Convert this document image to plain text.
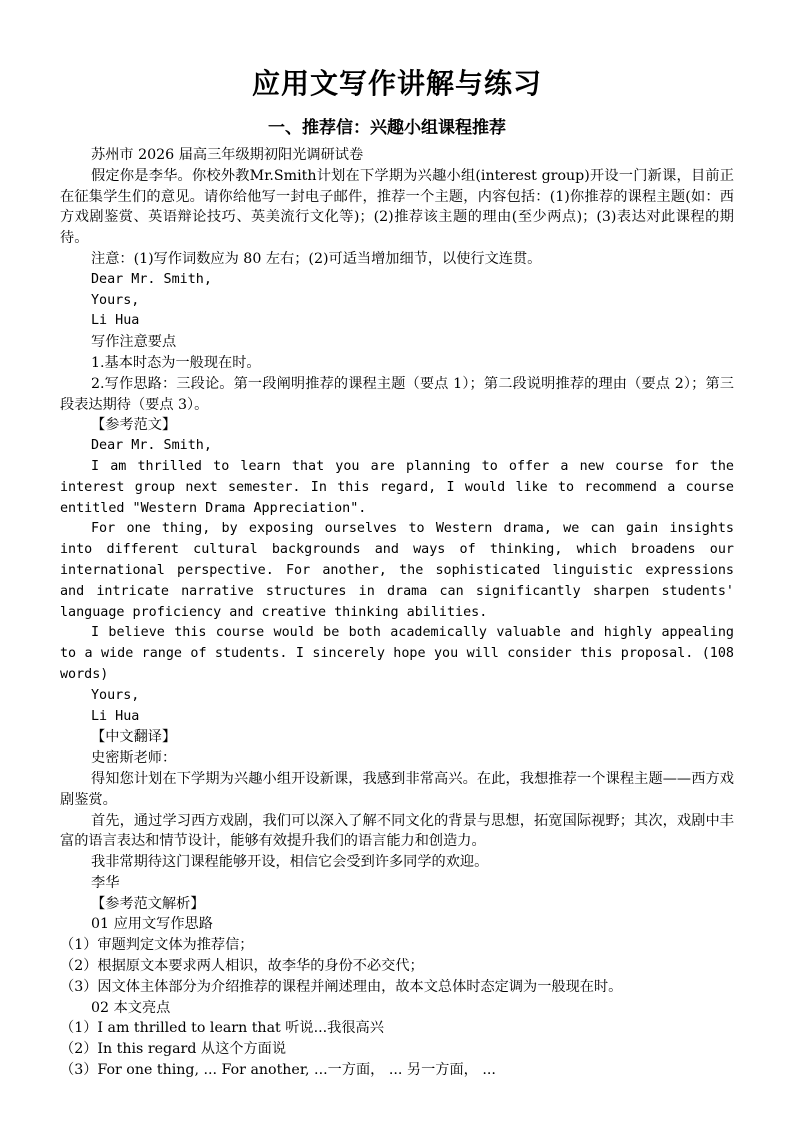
应用文写作讲解与练习
一、推荐信：兴趣小组课程推荐

苏州市 2026 届高三年级期初阳光调研试卷

假定你是李华。你校外教Mr.Smith计划在下学期为兴趣小组(interest group)开设一门新课，目前正在征集学生们的意见。请你给他写一封电子邮件，推荐一个主题，内容包括：(1)你推荐的课程主题(如：西方戏剧鉴赏、英语辩论技巧、英美流行文化等)；(2)推荐该主题的理由(至少两点)；(3)表达对此课程的期待。

注意：(1)写作词数应为 80 左右；(2)可适当增加细节，以使行文连贯。

Dear Mr. Smith,

Yours,

Li Hua

写作注意要点

1.基本时态为一般现在时。

2.写作思路：三段论。第一段阐明推荐的课程主题（要点 1）；第二段说明推荐的理由（要点 2）；第三段表达期待（要点 3）。

【参考范文】

Dear Mr. Smith,

I am thrilled to learn that you are planning to offer a new course for the interest group next semester. In this regard, I would like to recommend a course entitled "Western Drama Appreciation".

For one thing, by exposing ourselves to Western drama, we can gain insights into different cultural backgrounds and ways of thinking, which broadens our international perspective. For another, the sophisticated linguistic expressions and intricate narrative structures in drama can significantly sharpen students' language proficiency and creative thinking abilities.

I believe this course would be both academically valuable and highly appealing to a wide range of students. I sincerely hope you will consider this proposal. (108 words)

Yours,

Li Hua

【中文翻译】

史密斯老师：

得知您计划在下学期为兴趣小组开设新课，我感到非常高兴。在此，我想推荐一个课程主题——西方戏剧鉴赏。

首先，通过学习西方戏剧，我们可以深入了解不同文化的背景与思想，拓宽国际视野；其次，戏剧中丰富的语言表达和情节设计，能够有效提升我们的语言能力和创造力。

我非常期待这门课程能够开设，相信它会受到许多同学的欢迎。

李华

【参考范文解析】

01 应用文写作思路

（1）审题判定文体为推荐信；

（2）根据原文本要求两人相识，故李华的身份不必交代；

（3）因文体主体部分为介绍推荐的课程并阐述理由，故本文总体时态定调为一般现在时。

02 本文亮点

（1）I am thrilled to learn that 听说...我很高兴

（2）In this regard 从这个方面说

（3）For one thing, ... For another, ...一方面， ... 另一方面， ...
